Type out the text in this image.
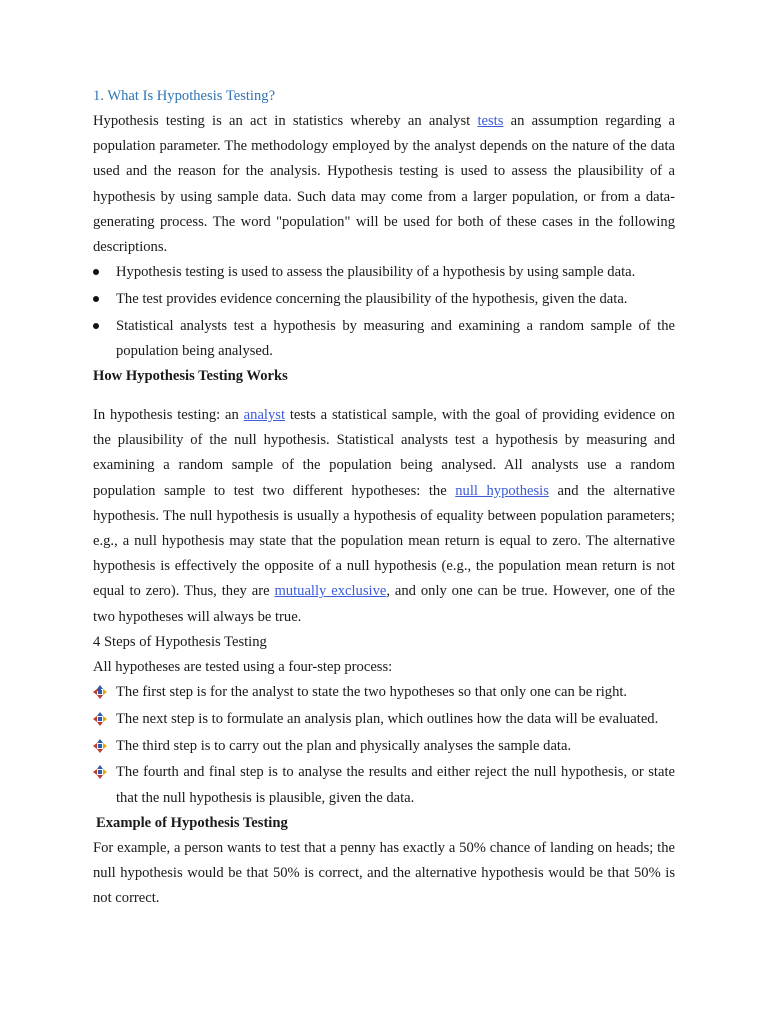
1. What Is Hypothesis Testing?

Hypothesis testing is an act in statistics whereby an analyst tests an assumption regarding a population parameter. The methodology employed by the analyst depends on the nature of the data used and the reason for the analysis. Hypothesis testing is used to assess the plausibility of a hypothesis by using sample data. Such data may come from a larger population, or from a data-generating process. The word "population" will be used for both of these cases in the following descriptions.

Hypothesis testing is used to assess the plausibility of a hypothesis by using sample data.
The test provides evidence concerning the plausibility of the hypothesis, given the data.
Statistical analysts test a hypothesis by measuring and examining a random sample of the population being analysed.

How Hypothesis Testing Works

In hypothesis testing: an analyst tests a statistical sample, with the goal of providing evidence on the plausibility of the null hypothesis. Statistical analysts test a hypothesis by measuring and examining a random sample of the population being analysed. All analysts use a random population sample to test two different hypotheses: the null hypothesis and the alternative hypothesis. The null hypothesis is usually a hypothesis of equality between population parameters; e.g., a null hypothesis may state that the population mean return is equal to zero. The alternative hypothesis is effectively the opposite of a null hypothesis (e.g., the population mean return is not equal to zero). Thus, they are mutually exclusive, and only one can be true. However, one of the two hypotheses will always be true.

4 Steps of Hypothesis Testing

All hypotheses are tested using a four-step process:

The first step is for the analyst to state the two hypotheses so that only one can be right.
The next step is to formulate an analysis plan, which outlines how the data will be evaluated.
The third step is to carry out the plan and physically analyses the sample data.
The fourth and final step is to analyse the results and either reject the null hypothesis, or state that the null hypothesis is plausible, given the data.

Example of Hypothesis Testing

For example, a person wants to test that a penny has exactly a 50% chance of landing on heads; the null hypothesis would be that 50% is correct, and the alternative hypothesis would be that 50% is not correct.
